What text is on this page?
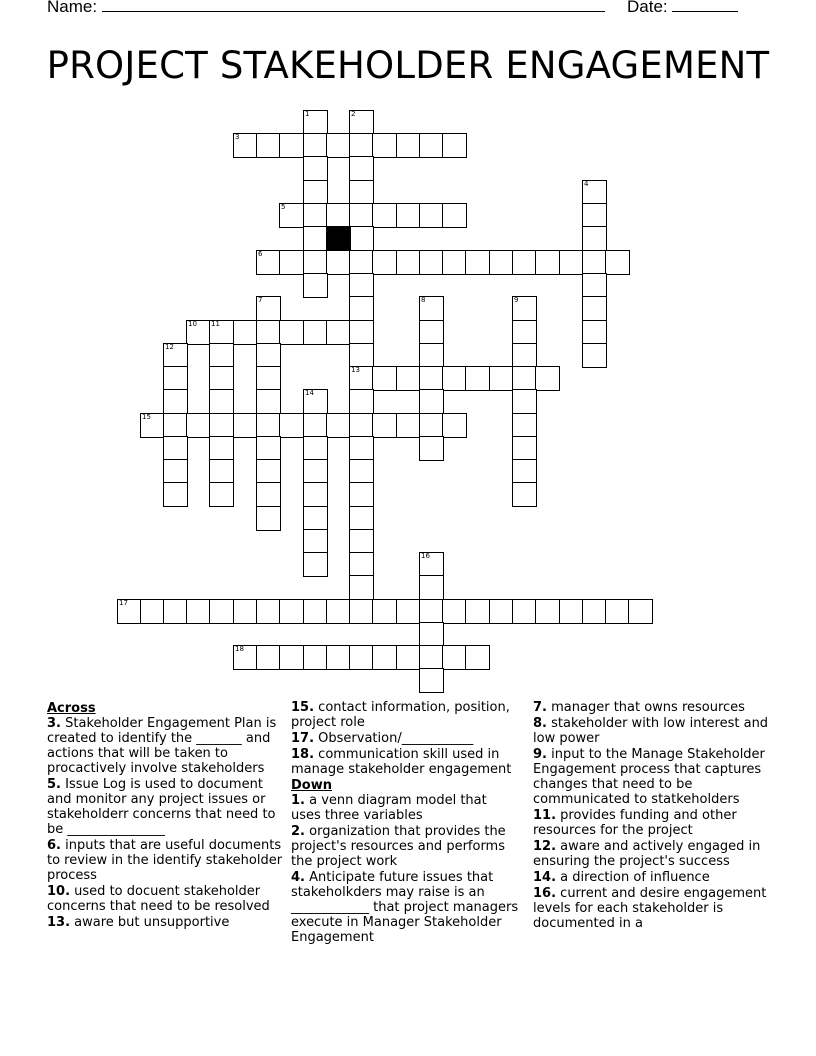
Name:	Date:
PROJECT STAKEHOLDER ENGAGEMENT
1	2
3
4
5
6
7	8	9
10 11
12
13
14
15
16
17
18
Across
3. Stakeholder Engagement Plan is created to identify the _______ and actions that will be taken to procactively involve stakeholders
5. Issue Log is used to document and monitor any project issues or stakeholderr concerns that need to be _______________
6. inputs that are useful documents to review in the identify stakeholder process
10. used to docuent stakeholder concerns that need to be resolved
13. aware but unsupportive
15. contact information, position, project role
17. Observation/___________
18. communication skill used in manage stakeholder engagement
Down
1. a venn diagram model that uses three variables
2. organization that provides the project's resources and performs the project work
4. Anticipate future issues that stakeholkders may raise is an ____________ that project managers execute in Manager Stakeholder Engagement
7. manager that owns resources
8. stakeholder with low interest and low power
9. input to the Manage Stakeholder Engagement process that captures changes that need to be communicated to statkeholders
11. provides funding and other resources for the project
12. aware and actively engaged in ensuring the project's success
14. a direction of influence
16. current and desire engagement levels for each stakeholder is documented in a
